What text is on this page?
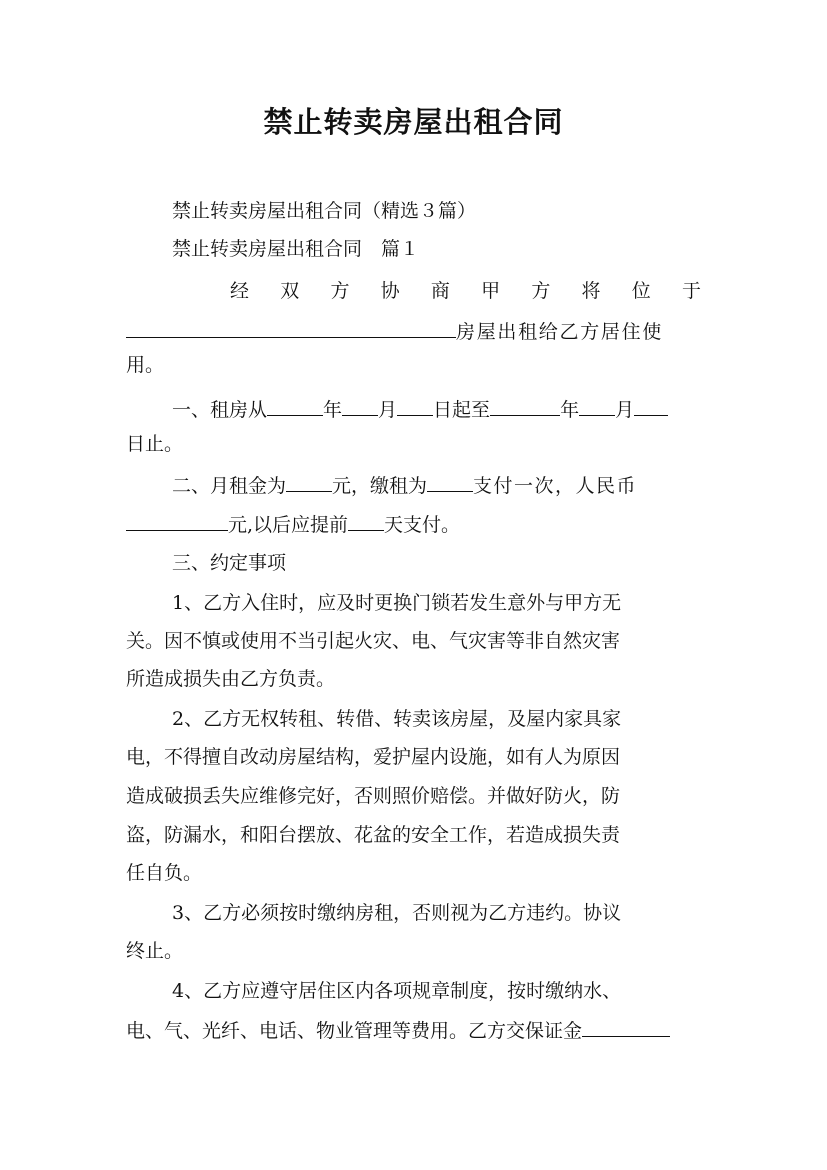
禁止转卖房屋出租合同
禁止转卖房屋出租合同（精选３篇）
禁止转卖房屋出租合同　篇１
经 双 方 协 商 甲 方 将 位 于
房屋出租给乙方居住使
用。
一、租房从	年 月 日起至	年 月
日止。
二、月租金为 元，缴租为 支付一次，人民币
元,以后应提前 天支付。
三、约定事项
1、乙方入住时，应及时更换门锁若发生意外与甲方无
关。因不慎或使用不当引起火灾、电、气灾害等非自然灾害
所造成损失由乙方负责。
2、乙方无权转租、转借、转卖该房屋，及屋内家具家
电，不得擅自改动房屋结构，爱护屋内设施，如有人为原因
造成破损丢失应维修完好，否则照价赔偿。并做好防火，防
盗，防漏水，和阳台摆放、花盆的安全工作，若造成损失责
任自负。
3、乙方必须按时缴纳房租，否则视为乙方违约。协议
终止。
4、乙方应遵守居住区内各项规章制度，按时缴纳水、
电、气、光纤、电话、物业管理等费用。乙方交保证金
